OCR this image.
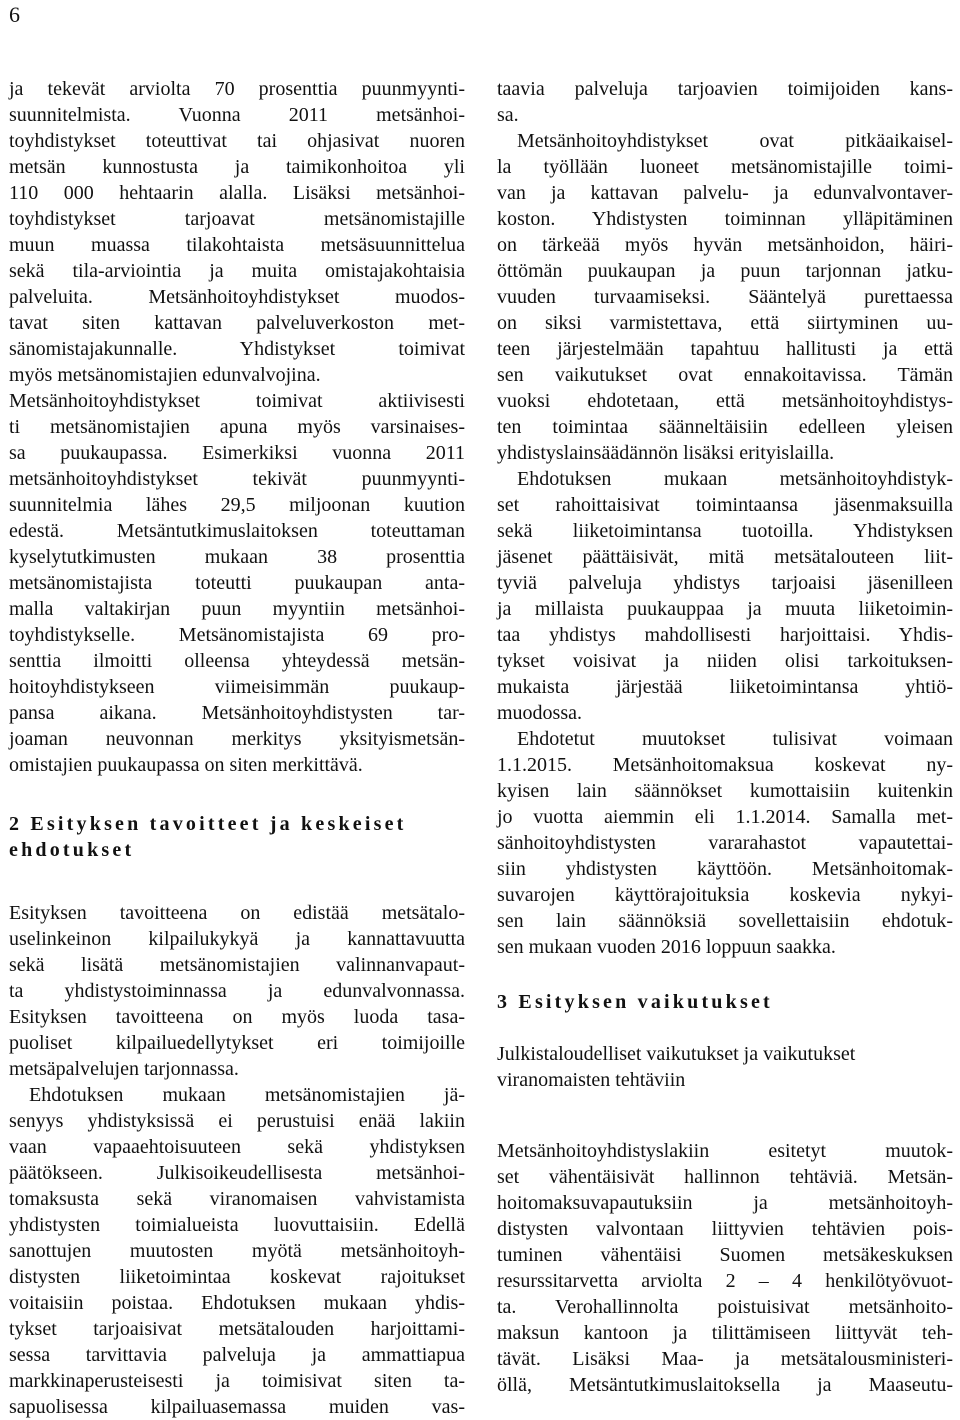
6
ja tekevät arviolta 70 prosenttia puunmyynti-
suunnitelmista. Vuonna 2011 metsänhoi-
toyhdistykset toteuttivat tai ohjasivat nuoren
metsän kunnostusta ja taimikonhoitoa yli
110 000 hehtaarin alalla. Lisäksi metsänhoi-
toyhdistykset tarjoavat metsänomistajille
muun muassa tilakohtaista metsäsuunnittelua
sekä tila-arviointia ja muita omistajakohtaisia
palveluita. Metsänhoitoyhdistykset muodos-
tavat siten kattavan palveluverkoston met-
sänomistajakunnalle. Yhdistykset toimivat
myös metsänomistajien edunvalvojina.
Metsänhoitoyhdistykset toimivat aktiivisesti
ti metsänomistajien apuna myös varsinaises-
sa puukaupassa. Esimerkiksi vuonna 2011
metsänhoitoyhdistykset tekivät puunmyynti-
suunnitelmia lähes 29,5 miljoonan kuution
edestä. Metsäntutkimuslaitoksen toteuttaman
kyselytutkimusten mukaan 38 prosenttia
metsänomistajista toteutti puukaupan anta-
malla valtakirjan puun myyntiin metsänhoi-
toyhdistykselle. Metsänomistajista 69 pro-
senttia ilmoitti olleensa yhteydessä metsän-
hoitoyhdistykseen viimeisimmän puukaup-
pansa aikana. Metsänhoitoyhdistysten tar-
joaman neuvonnan merkitys yksityismetsän-
omistajien puukaupassa on siten merkittävä.
2 Esityksen tavoitteet ja keskeiset
ehdotukset
Esityksen tavoitteena on edistää metsätalo-
uselinkeinon kilpailukykyä ja kannattavuutta
sekä lisätä metsänomistajien valinnanvapaut-
ta yhdistystoiminnassa ja edunvalvonnassa.
Esityksen tavoitteena on myös luoda tasa-
puoliset kilpailuedellytykset eri toimijoille
metsäpalvelujen tarjonnassa.
Ehdotuksen mukaan metsänomistajien jä-
senyys yhdistyksissä ei perustuisi enää lakiin
vaan vapaaehtoisuuteen sekä yhdistyksen
päätökseen. Julkisoikeudellisesta metsänhoi-
tomaksusta sekä viranomaisen vahvistamista
yhdistysten toimialueista luovuttaisiin. Edellä
sanottujen muutosten myötä metsänhoitoyh-
distysten liiketoimintaa koskevat rajoitukset
voitaisiin poistaa. Ehdotuksen mukaan yhdis-
tykset tarjoaisivat metsätalouden harjoittami-
sessa tarvittavia palveluja ja ammattiapua
markkinaperusteisesti ja toimisivat siten ta-
sapuolisessa kilpailuasemassa muiden vas-
taavia palveluja tarjoavien toimijoiden kans-
sa.
Metsänhoitoyhdistykset ovat pitkäaikaisel-
la työllään luoneet metsänomistajille toimi-
van ja kattavan palvelu- ja edunvalvontaver-
koston. Yhdistysten toiminnan ylläpitäminen
on tärkeää myös hyvän metsänhoidon, häiri-
öttömän puukaupan ja puun tarjonnan jatku-
vuuden turvaamiseksi. Sääntelyä purettaessa
on siksi varmistettava, että siirtyminen uu-
teen järjestelmään tapahtuu hallitusti ja että
sen vaikutukset ovat ennakoitavissa. Tämän
vuoksi ehdotetaan, että metsänhoitoyhdistys-
ten toimintaa säänneltäisiin edelleen yleisen
yhdistyslainsäädännön lisäksi erityislailla.
Ehdotuksen mukaan metsänhoitoyhdistyk-
set rahoittaisivat toimintaansa jäsenmaksuilla
sekä liiketoimintansa tuotoilla. Yhdistyksen
jäsenet päättäisivät, mitä metsätalouteen liit-
tyviä palveluja yhdistys tarjoaisi jäsenilleen
ja millaista puukauppaa ja muuta liiketoimin-
taa yhdistys mahdollisesti harjoittaisi. Yhdis-
tykset voisivat ja niiden olisi tarkoituksen-
mukaista järjestää liiketoimintansa yhtiö-
muodossa.
Ehdotetut muutokset tulisivat voimaan
1.1.2015. Metsänhoitomaksua koskevat ny-
kyisen lain säännökset kumottaisiin kuitenkin
jo vuotta aiemmin eli 1.1.2014. Samalla met-
sänhoitoyhdistysten vararahastot vapautettai-
siin yhdistysten käyttöön. Metsänhoitomak-
suvarojen käyttörajoituksia koskevia nykyi-
sen lain säännöksiä sovellettaisiin ehdotuk-
sen mukaan vuoden 2016 loppuun saakka.
3 Esityksen vaikutukset
Julkistaloudelliset vaikutukset ja vaikutukset
viranomaisten tehtäviin
Metsänhoitoyhdistyslakiin esitetyt muutok-
set vähentäisivät hallinnon tehtäviä. Metsän-
hoitomaksuvapautuksiin ja metsänhoitoyh-
distysten valvontaan liittyvien tehtävien pois-
tuminen vähentäisi Suomen metsäkeskuksen
resurssitarvetta arviolta 2 – 4 henkilötyövuot-
ta. Verohallinnolta poistuisivat metsänhoito-
maksun kantoon ja tilittämiseen liittyvät teh-
tävät. Lisäksi Maa- ja metsätalousministeri-
öllä, Metsäntutkimuslaitoksella ja Maaseutu-
